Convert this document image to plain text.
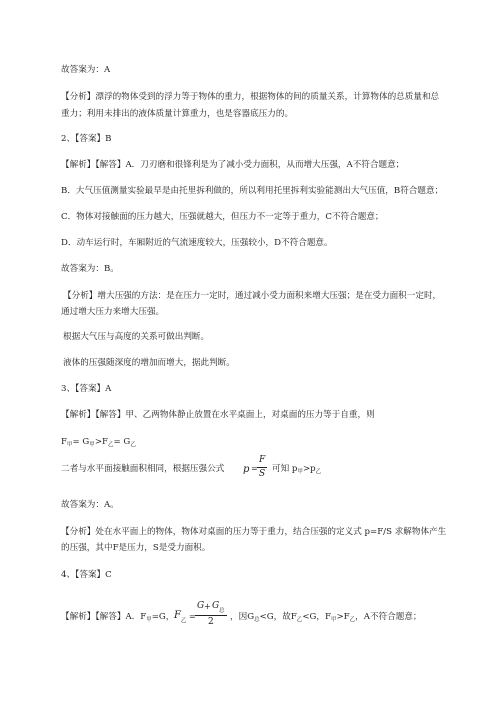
故答案为：A
【分析】漂浮的物体受到的浮力等于物体的重力，根据物体的间的质量关系，计算物体的总质量和总
重力；利用未排出的液体质量计算重力，也是容器底压力的。
2、【答案】B
【解析】【解答】A．刀刃磨和很锋利是为了减小受力面积，从而增大压强，A不符合题意；
B．大气压值测量实验最早是由托里拆利做的，所以利用托里拆利实验能测出大气压值，B符合题意；
C．物体对接触面的压力越大，压强就越大，但压力不一定等于重力，C不符合题意；
D．动车运行时，车厢附近的气流速度较大，压强较小，D不符合题意。
故答案为：B。
【分析】增大压强的方法：是在压力一定时，通过减小受力面积来增大压强；是在受力面积一定时，
通过增大压力来增大压强。
根据大气压与高度的关系可做出判断。
液体的压强随深度的增加而增大，据此判断。
3、【答案】A
【解析】【解答】甲、乙两物体静止放置在水平桌面上，对桌面的压力等于自重，则
$F_甲= G_甲>F_乙= G_乙$
二者与水平面接触面积相同，根据压强公式 p =
F
S 可知 $p_甲>p_乙$
故答案为：A。
【分析】处在水平面上的物体，物体对桌面的压力等于重力，结合压强的定义式 p=F/S 求解物体产生
的压强，其中F是压力，S是受力面积。
4、【答案】C
【解析】【解答】A．$F_甲=G$， F 乙 =
G + G 总
2 ，因$G_总<G$，故$F_乙<G$，$F_甲>F_乙$，A不符合题意；
